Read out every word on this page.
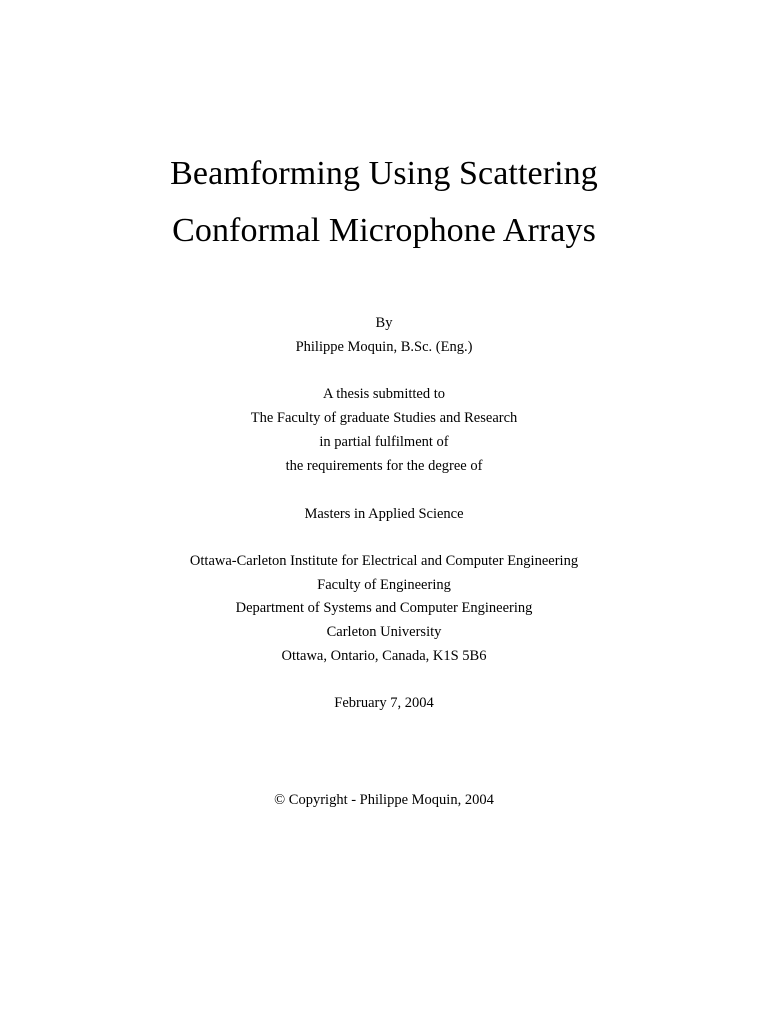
Beamforming Using Scattering
Conformal Microphone Arrays
By
Philippe Moquin, B.Sc. (Eng.)
A thesis submitted to
The Faculty of graduate Studies and Research
in partial fulfilment of
the requirements for the degree of
Masters in Applied Science
Ottawa-Carleton Institute for Electrical and Computer Engineering
Faculty of Engineering
Department of Systems and Computer Engineering
Carleton University
Ottawa, Ontario, Canada, K1S 5B6
February 7, 2004
© Copyright - Philippe Moquin, 2004
